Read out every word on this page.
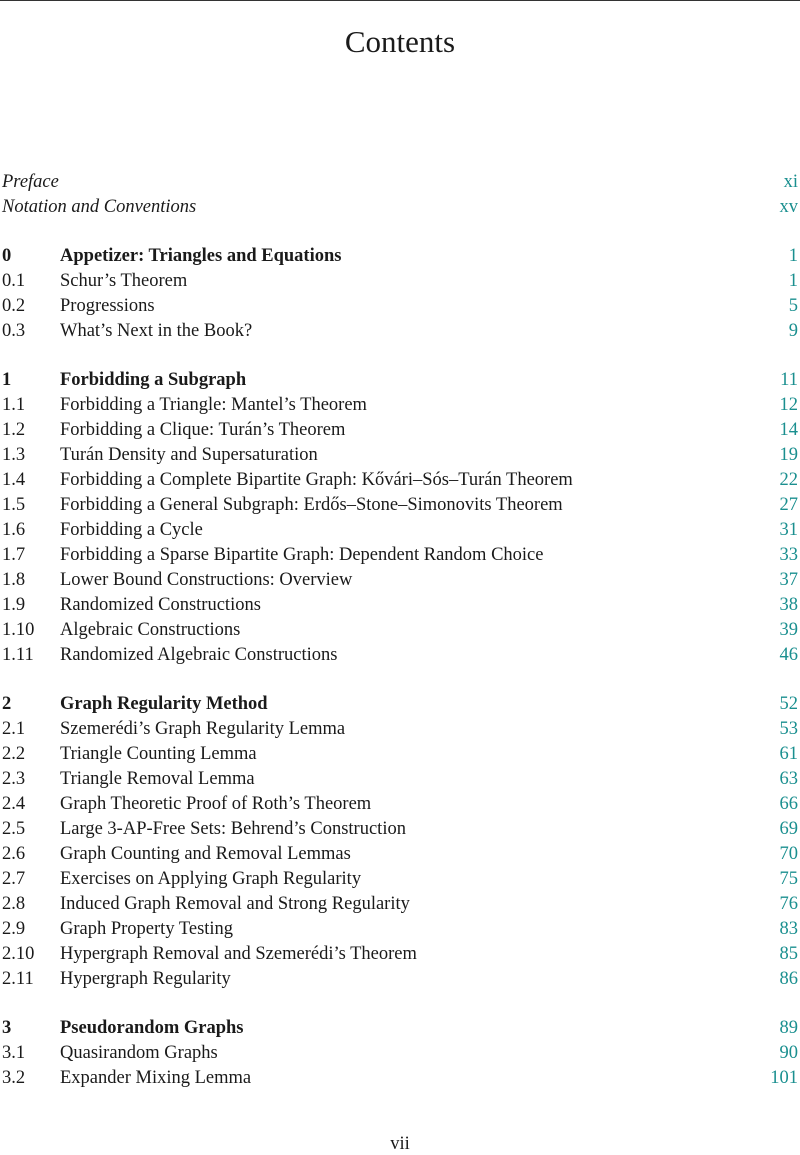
Contents
Preface	xi
Notation and Conventions	xv
0	Appetizer: Triangles and Equations	1
0.1 Schur’s Theorem	1
0.2 Progressions	5
0.3 What’s Next in the Book?	9
1	Forbidding a Subgraph	11
1.1 Forbidding a Triangle: Mantel’s Theorem	12
1.2 Forbidding a Clique: Turán’s Theorem	14
1.3 Turán Density and Supersaturation	19
1.4 Forbidding a Complete Bipartite Graph: Kővári–Sós–Turán Theorem	22
1.5 Forbidding a General Subgraph: Erdős–Stone–Simonovits Theorem	27
1.6 Forbidding a Cycle	31
1.7 Forbidding a Sparse Bipartite Graph: Dependent Random Choice	33
1.8 Lower Bound Constructions: Overview	37
1.9 Randomized Constructions	38
1.10 Algebraic Constructions	39
1.11 Randomized Algebraic Constructions	46
2	Graph Regularity Method	52
2.1 Szemerédi’s Graph Regularity Lemma	53
2.2 Triangle Counting Lemma	61
2.3 Triangle Removal Lemma	63
2.4 Graph Theoretic Proof of Roth’s Theorem	66
2.5 Large 3-AP-Free Sets: Behrend’s Construction	69
2.6 Graph Counting and Removal Lemmas	70
2.7 Exercises on Applying Graph Regularity	75
2.8 Induced Graph Removal and Strong Regularity	76
2.9 Graph Property Testing	83
2.10 Hypergraph Removal and Szemerédi’s Theorem	85
2.11 Hypergraph Regularity	86
3	Pseudorandom Graphs	89
3.1 Quasirandom Graphs	90
3.2 Expander Mixing Lemma	101
vii
